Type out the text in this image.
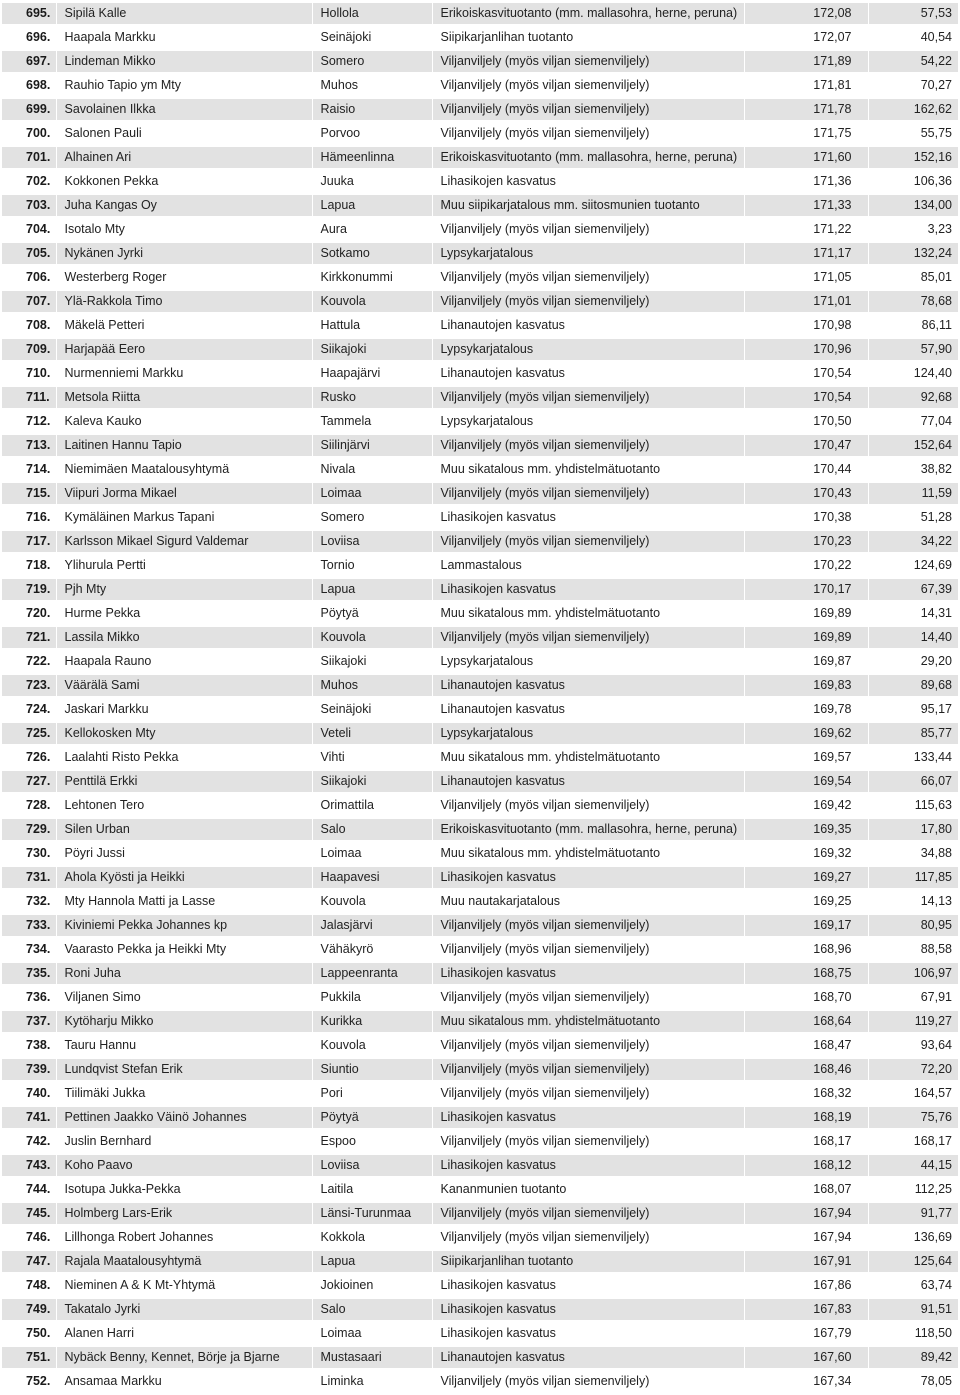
695.	Sipilä Kalle	Hollola	Erikoiskasvituotanto (mm. mallasohra, herne, peruna)	172,08	57,53
696.	Haapala Markku	Seinäjoki	Siipikarjanlihan tuotanto	172,07	40,54
697.	Lindeman Mikko	Somero	Viljanviljely (myös viljan siemenviljely)	171,89	54,22
698.	Rauhio Tapio ym Mty	Muhos	Viljanviljely (myös viljan siemenviljely)	171,81	70,27
699.	Savolainen Ilkka	Raisio	Viljanviljely (myös viljan siemenviljely)	171,78	162,62
700.	Salonen Pauli	Porvoo	Viljanviljely (myös viljan siemenviljely)	171,75	55,75
701.	Alhainen Ari	Hämeenlinna	Erikoiskasvituotanto (mm. mallasohra, herne, peruna)	171,60	152,16
702.	Kokkonen Pekka	Juuka	Lihasikojen kasvatus	171,36	106,36
703.	Juha Kangas Oy	Lapua	Muu siipikarjatalous mm. siitosmunien tuotanto	171,33	134,00
704.	Isotalo Mty	Aura	Viljanviljely (myös viljan siemenviljely)	171,22	3,23
705.	Nykänen Jyrki	Sotkamo	Lypsykarjatalous	171,17	132,24
706.	Westerberg Roger	Kirkkonummi	Viljanviljely (myös viljan siemenviljely)	171,05	85,01
707.	Ylä-Rakkola Timo	Kouvola	Viljanviljely (myös viljan siemenviljely)	171,01	78,68
708.	Mäkelä Petteri	Hattula	Lihanautojen kasvatus	170,98	86,11
709.	Harjapää Eero	Siikajoki	Lypsykarjatalous	170,96	57,90
710.	Nurmenniemi Markku	Haapajärvi	Lihanautojen kasvatus	170,54	124,40
711.	Metsola Riitta	Rusko	Viljanviljely (myös viljan siemenviljely)	170,54	92,68
712.	Kaleva Kauko	Tammela	Lypsykarjatalous	170,50	77,04
713.	Laitinen Hannu Tapio	Siilinjärvi	Viljanviljely (myös viljan siemenviljely)	170,47	152,64
714.	Niemimäen Maatalousyhtymä	Nivala	Muu sikatalous mm. yhdistelmätuotanto	170,44	38,82
715.	Viipuri Jorma Mikael	Loimaa	Viljanviljely (myös viljan siemenviljely)	170,43	11,59
716.	Kymäläinen Markus Tapani	Somero	Lihasikojen kasvatus	170,38	51,28
717.	Karlsson Mikael Sigurd Valdemar	Loviisa	Viljanviljely (myös viljan siemenviljely)	170,23	34,22
718.	Ylihurula Pertti	Tornio	Lammastalous	170,22	124,69
719.	Pjh Mty	Lapua	Lihasikojen kasvatus	170,17	67,39
720.	Hurme Pekka	Pöytyä	Muu sikatalous mm. yhdistelmätuotanto	169,89	14,31
721.	Lassila Mikko	Kouvola	Viljanviljely (myös viljan siemenviljely)	169,89	14,40
722.	Haapala Rauno	Siikajoki	Lypsykarjatalous	169,87	29,20
723.	Väärälä Sami	Muhos	Lihanautojen kasvatus	169,83	89,68
724.	Jaskari Markku	Seinäjoki	Lihanautojen kasvatus	169,78	95,17
725.	Kellokosken Mty	Veteli	Lypsykarjatalous	169,62	85,77
726.	Laalahti Risto Pekka	Vihti	Muu sikatalous mm. yhdistelmätuotanto	169,57	133,44
727.	Penttilä Erkki	Siikajoki	Lihanautojen kasvatus	169,54	66,07
728.	Lehtonen Tero	Orimattila	Viljanviljely (myös viljan siemenviljely)	169,42	115,63
729.	Silen Urban	Salo	Erikoiskasvituotanto (mm. mallasohra, herne, peruna)	169,35	17,80
730.	Pöyri Jussi	Loimaa	Muu sikatalous mm. yhdistelmätuotanto	169,32	34,88
731.	Ahola Kyösti ja Heikki	Haapavesi	Lihasikojen kasvatus	169,27	117,85
732.	Mty Hannola Matti ja Lasse	Kouvola	Muu nautakarjatalous	169,25	14,13
733.	Kiviniemi Pekka Johannes kp	Jalasjärvi	Viljanviljely (myös viljan siemenviljely)	169,17	80,95
734.	Vaarasto Pekka ja Heikki Mty	Vähäkyrö	Viljanviljely (myös viljan siemenviljely)	168,96	88,58
735.	Roni Juha	Lappeenranta	Lihasikojen kasvatus	168,75	106,97
736.	Viljanen Simo	Pukkila	Viljanviljely (myös viljan siemenviljely)	168,70	67,91
737.	Kytöharju Mikko	Kurikka	Muu sikatalous mm. yhdistelmätuotanto	168,64	119,27
738.	Tauru Hannu	Kouvola	Viljanviljely (myös viljan siemenviljely)	168,47	93,64
739.	Lundqvist Stefan Erik	Siuntio	Viljanviljely (myös viljan siemenviljely)	168,46	72,20
740.	Tiilimäki Jukka	Pori	Viljanviljely (myös viljan siemenviljely)	168,32	164,57
741.	Pettinen Jaakko Väinö Johannes	Pöytyä	Lihasikojen kasvatus	168,19	75,76
742.	Juslin Bernhard	Espoo	Viljanviljely (myös viljan siemenviljely)	168,17	168,17
743.	Koho Paavo	Loviisa	Lihasikojen kasvatus	168,12	44,15
744.	Isotupa Jukka-Pekka	Laitila	Kananmunien tuotanto	168,07	112,25
745.	Holmberg Lars-Erik	Länsi-Turunmaa	Viljanviljely (myös viljan siemenviljely)	167,94	91,77
746.	Lillhonga Robert Johannes	Kokkola	Viljanviljely (myös viljan siemenviljely)	167,94	136,69
747.	Rajala Maatalousyhtymä	Lapua	Siipikarjanlihan tuotanto	167,91	125,64
748.	Nieminen A & K Mt-Yhtymä	Jokioinen	Lihasikojen kasvatus	167,86	63,74
749.	Takatalo Jyrki	Salo	Lihasikojen kasvatus	167,83	91,51
750.	Alanen Harri	Loimaa	Lihasikojen kasvatus	167,79	118,50
751.	Nybäck Benny, Kennet, Börje ja Bjarne	Mustasaari	Lihanautojen kasvatus	167,60	89,42
752.	Ansamaa Markku	Liminka	Viljanviljely (myös viljan siemenviljely)	167,34	78,05
